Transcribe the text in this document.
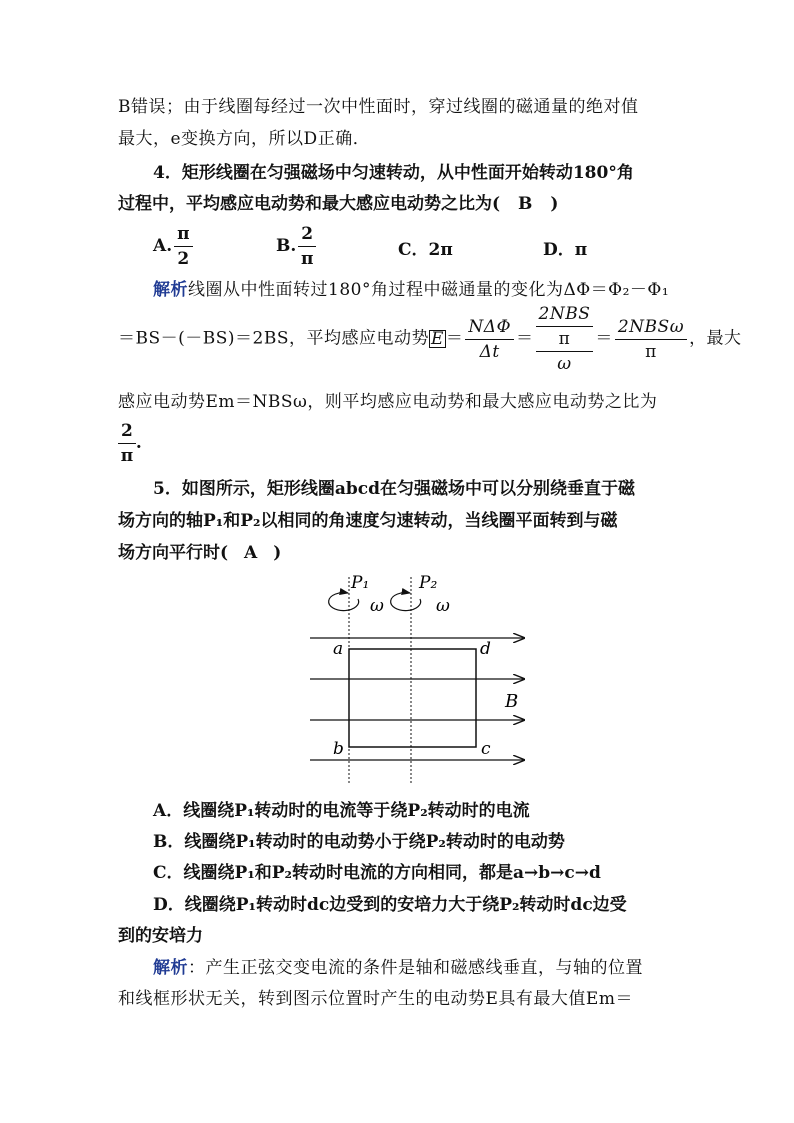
B错误；由于线圈每经过一次中性面时，穿过线圈的磁通量的绝对值
最大，e变换方向，所以D正确．
4．矩形线圈在匀强磁场中匀速转动，从中性面开始转动180°角
过程中，平均感应电动势和最大感应电动势之比为( B )
A. $\frac{\pi}{2}$	B. $\frac{2}{\pi}$	C．2π	D．π
解析线圈从中性面转过180°角过程中磁通量的变化为ΔΦ＝Φ₂－Φ₁
＝BS－(－BS)＝2BS，平均感应电动势 $E = \frac{\text{NΔΦ}}{\Delta t} = 2NBS$
π
$\omega = \frac{\text{2NBSω}}{\pi}$ ，最大
感应电动势Em＝NBSω，则平均感应电动势和最大感应电动势之比为
$\frac{2}{\pi}$ .
5．如图所示，矩形线圈abcd在匀强磁场中可以分别绕垂直于磁
场方向的轴P₁和P₂以相同的角速度匀速转动，当线圈平面转到与磁
场方向平行时( A )
P₁	P₂
ω	ω
a	d
b	c
B
A．线圈绕P₁转动时的电流等于绕P₂转动时的电流
B．线圈绕P₁转动时的电动势小于绕P₂转动时的电动势
C．线圈绕P₁和P₂转动时电流的方向相同，都是a→b→c→d
D．线圈绕P₁转动时dc边受到的安培力大于绕P₂转动时dc边受
到的安培力
解析：产生正弦交变电流的条件是轴和磁感线垂直，与轴的位置
和线框形状无关，转到图示位置时产生的电动势E具有最大值Em＝
